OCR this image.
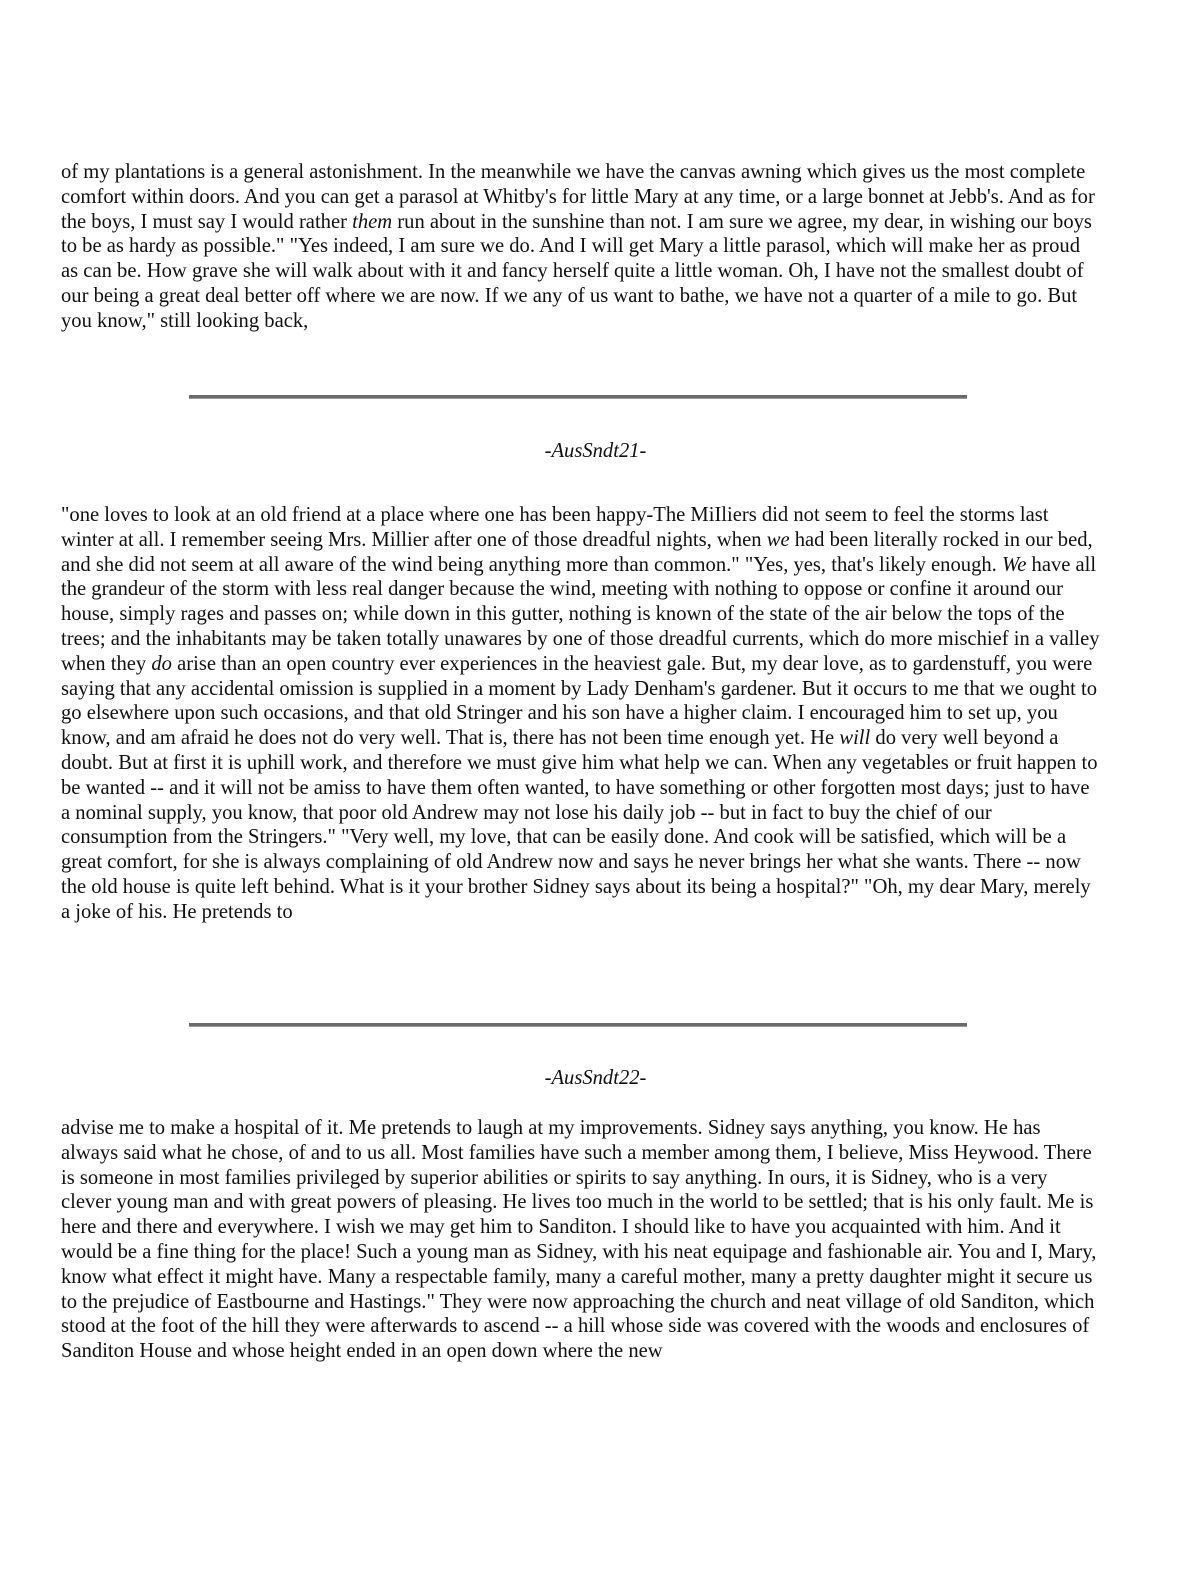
of my plantations is a general astonishment. In the meanwhile we have the canvas awning which gives us the most complete comfort within doors. And you can get a parasol at Whitby's for little Mary at any time, or a large bonnet at Jebb's. And as for the boys, I must say I would rather them run about in the sunshine than not. I am sure we agree, my dear, in wishing our boys to be as hardy as possible." "Yes indeed, I am sure we do. And I will get Mary a little parasol, which will make her as proud as can be. How grave she will walk about with it and fancy herself quite a little woman. Oh, I have not the smallest doubt of our being a great deal better off where we are now. If we any of us want to bathe, we have not a quarter of a mile to go. But you know," still looking back,

-AusSndt21-

"one loves to look at an old friend at a place where one has been happy-The MiIliers did not seem to feel the storms last winter at all. I remember seeing Mrs. Millier after one of those dreadful nights, when we had been literally rocked in our bed, and she did not seem at all aware of the wind being anything more than common." "Yes, yes, that's likely enough. We have all the grandeur of the storm with less real danger because the wind, meeting with nothing to oppose or confine it around our house, simply rages and passes on; while down in this gutter, nothing is known of the state of the air below the tops of the trees; and the inhabitants may be taken totally unawares by one of those dreadful currents, which do more mischief in a valley when they do arise than an open country ever experiences in the heaviest gale. But, my dear love, as to gardenstuff, you were saying that any accidental omission is supplied in a moment by Lady Denham's gardener. But it occurs to me that we ought to go elsewhere upon such occasions, and that old Stringer and his son have a higher claim. I encouraged him to set up, you know, and am afraid he does not do very well. That is, there has not been time enough yet. He will do very well beyond a doubt. But at first it is uphill work, and therefore we must give him what help we can. When any vegetables or fruit happen to be wanted -- and it will not be amiss to have them often wanted, to have something or other forgotten most days; just to have a nominal supply, you know, that poor old Andrew may not lose his daily job -- but in fact to buy the chief of our consumption from the Stringers." "Very well, my love, that can be easily done. And cook will be satisfied, which will be a great comfort, for she is always complaining of old Andrew now and says he never brings her what she wants. There -- now the old house is quite left behind. What is it your brother Sidney says about its being a hospital?" "Oh, my dear Mary, merely a joke of his. He pretends to

-AusSndt22-

advise me to make a hospital of it. Me pretends to laugh at my improvements. Sidney says anything, you know. He has always said what he chose, of and to us all. Most families have such a member among them, I believe, Miss Heywood. There is someone in most families privileged by superior abilities or spirits to say anything. In ours, it is Sidney, who is a very clever young man and with great powers of pleasing. He lives too much in the world to be settled; that is his only fault. Me is here and there and everywhere. I wish we may get him to Sanditon. I should like to have you acquainted with him. And it would be a fine thing for the place! Such a young man as Sidney, with his neat equipage and fashionable air. You and I, Mary, know what effect it might have. Many a respectable family, many a careful mother, many a pretty daughter might it secure us to the prejudice of Eastbourne and Hastings." They were now approaching the church and neat village of old Sanditon, which stood at the foot of the hill they were afterwards to ascend -- a hill whose side was covered with the woods and enclosures of Sanditon House and whose height ended in an open down where the new
